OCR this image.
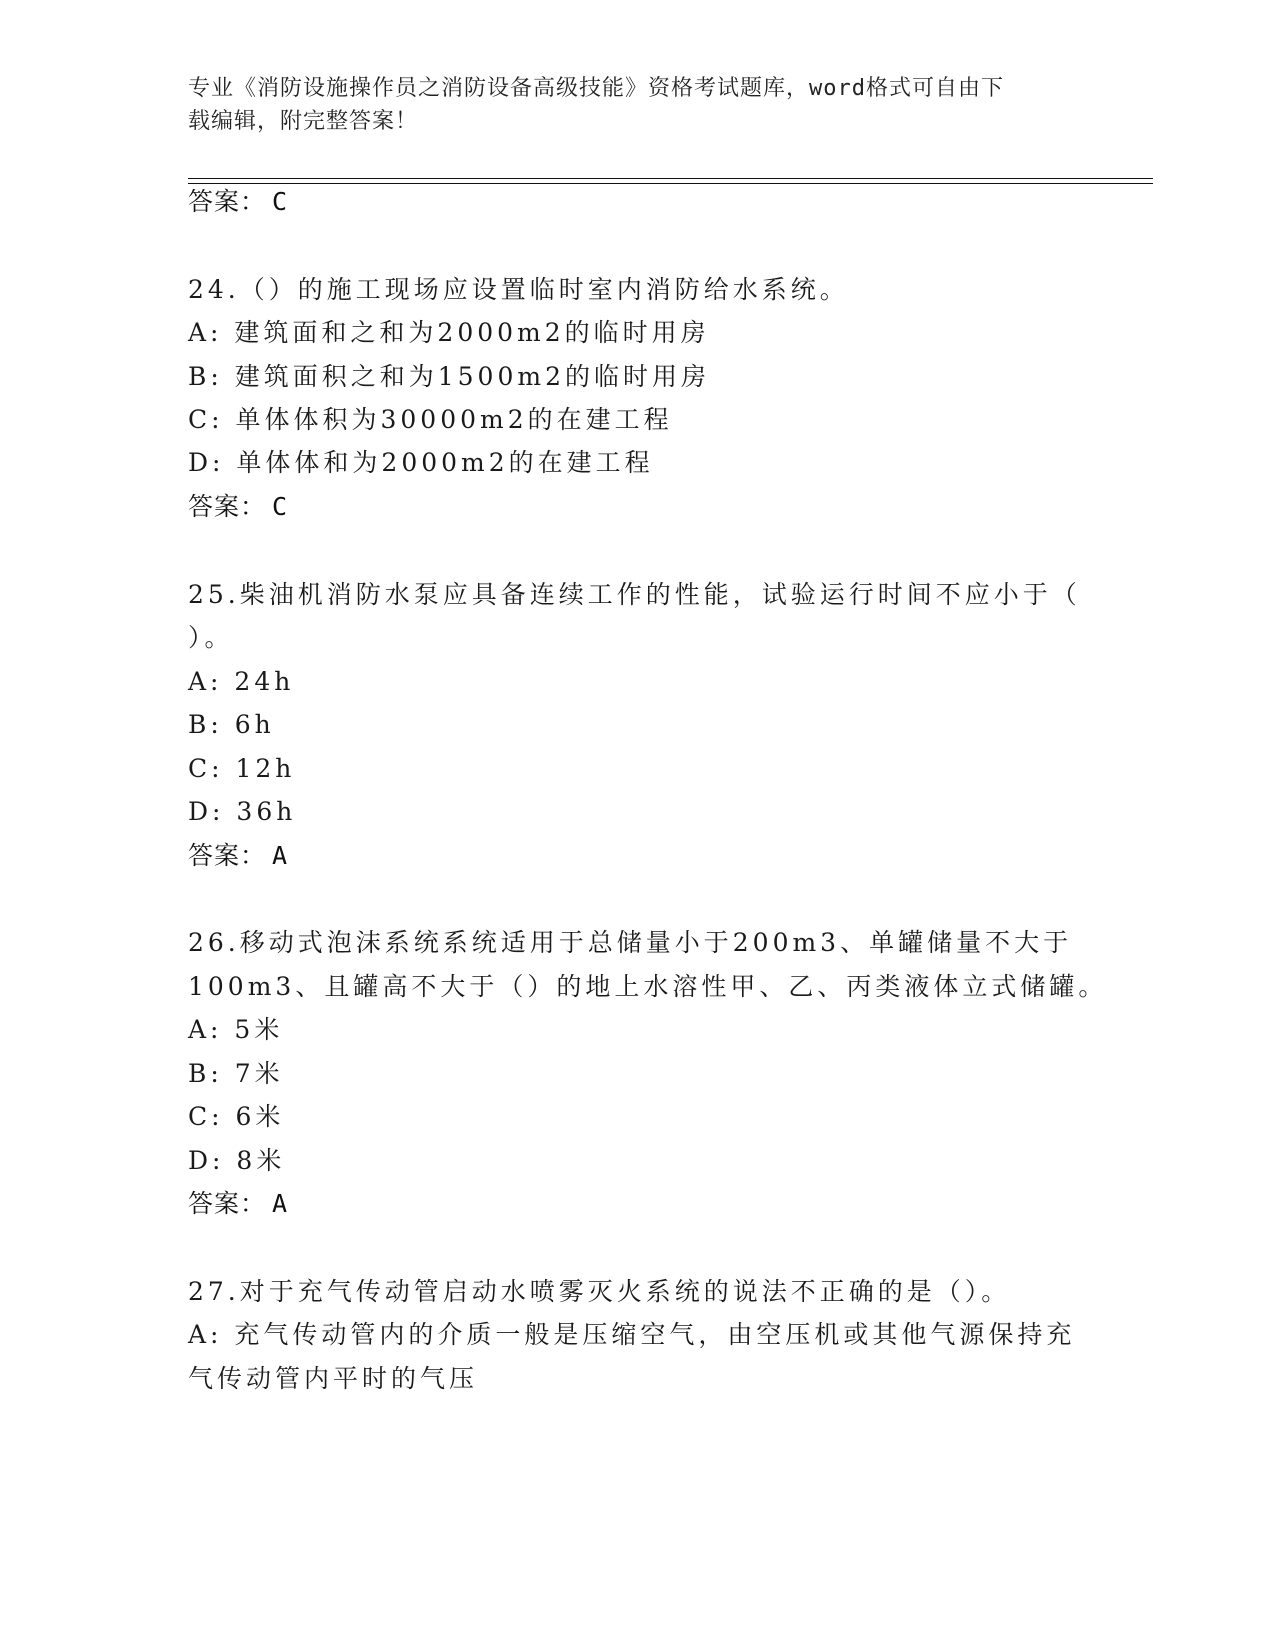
专业《消防设施操作员之消防设备高级技能》资格考试题库，word格式可自由下
载编辑，附完整答案！
答案： C
24.（）的施工现场应设置临时室内消防给水系统。
A: 建筑面和之和为2000m2的临时用房
B: 建筑面积之和为1500m2的临时用房
C: 单体体积为30000m2的在建工程
D: 单体体和为2000m2的在建工程
答案： C
25.柴油机消防水泵应具备连续工作的性能，试验运行时间不应小于（
）。
A: 24h
B: 6h
C: 12h
D: 36h
答案： A
26.移动式泡沫系统系统适用于总储量小于200m3、单罐储量不大于
100m3、且罐高不大于（）的地上水溶性甲、乙、丙类液体立式储罐。
A: 5米
B: 7米
C: 6米
D: 8米
答案： A
27.对于充气传动管启动水喷雾灭火系统的说法不正确的是（）。
A: 充气传动管内的介质一般是压缩空气，由空压机或其他气源保持充
气传动管内平时的气压
